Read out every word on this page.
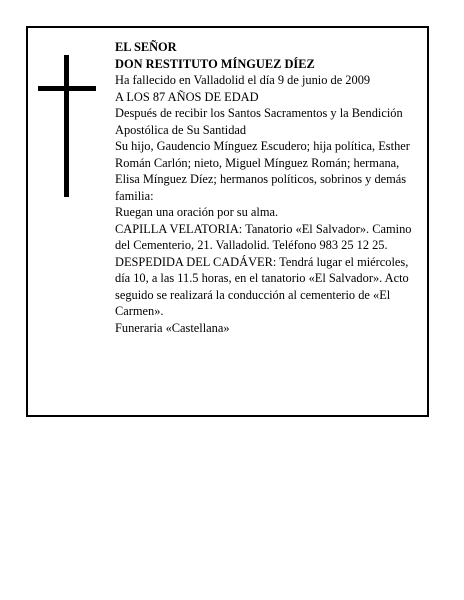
EL SEÑOR

DON RESTITUTO MÍNGUEZ DÍEZ

Ha fallecido en Valladolid el día 9 de junio de 2009

A LOS 87 AÑOS DE EDAD

Después de recibir los Santos Sacramentos y la Bendición Apostólica de Su Santidad

Su hijo, Gaudencio Mínguez Escudero; hija política, Esther Román Carlón; nieto, Miguel Mínguez Román; hermana, Elisa Mínguez Díez; hermanos políticos, sobrinos y demás familia:

Ruegan una oración por su alma.

CAPILLA VELATORIA: Tanatorio «El Salvador». Camino del Cementerio, 21. Valladolid. Teléfono 983 25 12 25.

DESPEDIDA DEL CADÁVER: Tendrá lugar el miércoles, día 10, a las 11.5 horas, en el tanatorio «El Salvador». Acto seguido se realizará la conducción al cementerio de «El Carmen».

Funeraria «Castellana»
